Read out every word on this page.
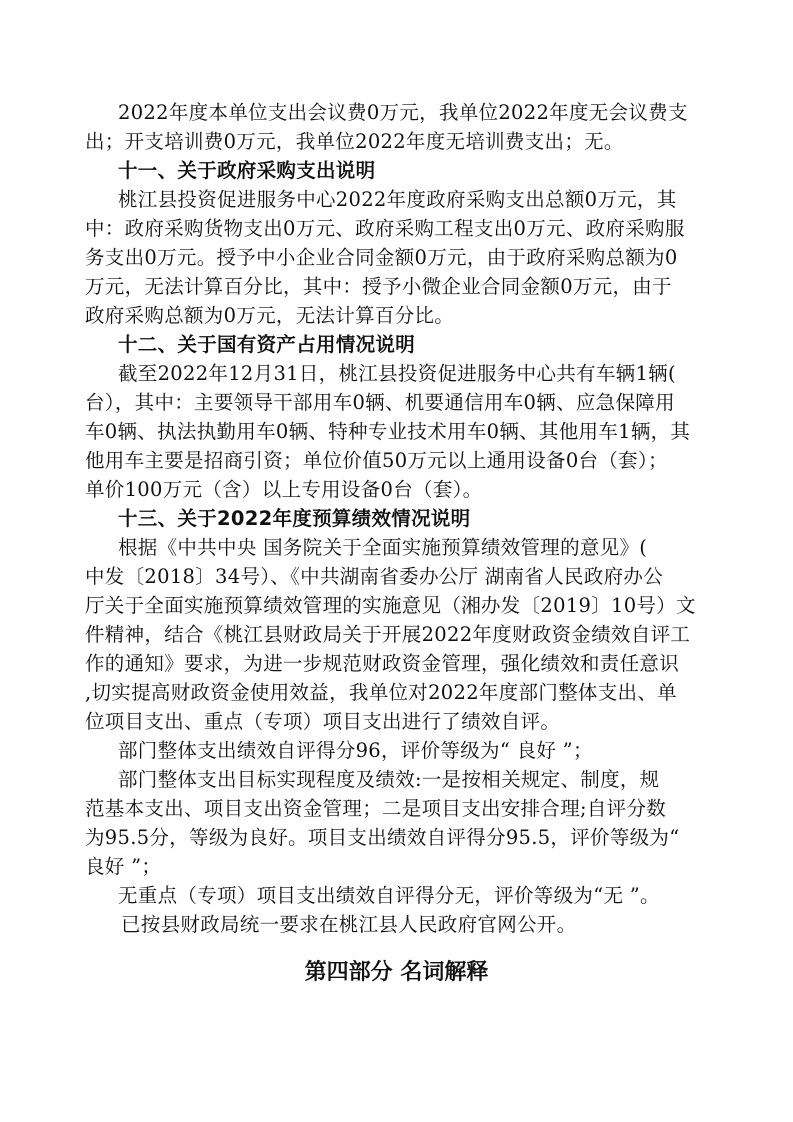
2022年度本单位支出会议费0万元，我单位2022年度无会议费支
出；开支培训费0万元，我单位2022年度无培训费支出；无。
十一、关于政府采购支出说明
桃江县投资促进服务中心2022年度政府采购支出总额0万元，其
中：政府采购货物支出0万元、政府采购工程支出0万元、政府采购服
务支出0万元。授予中小企业合同金额0万元，由于政府采购总额为0
万元，无法计算百分比，其中：授予小微企业合同金额0万元，由于
政府采购总额为0万元，无法计算百分比。
十二、关于国有资产占用情况说明
截至2022年12月31日，桃江县投资促进服务中心共有车辆1辆(
台），其中：主要领导干部用车0辆、机要通信用车0辆、应急保障用
车0辆、执法执勤用车0辆、特种专业技术用车0辆、其他用车1辆，其
他用车主要是招商引资；单位价值50万元以上通用设备0台（套）；
单价100万元（含）以上专用设备0台（套）。
十三、关于2022年度预算绩效情况说明
根据《中共中央 国务院关于全面实施预算绩效管理的意见》(
中发〔2018〕34号）、《中共湖南省委办公厅 湖南省人民政府办公
厅关于全面实施预算绩效管理的实施意见（湘办发〔2019〕10号）文
件精神，结合《桃江县财政局关于开展2022年度财政资金绩效自评工
作的通知》要求，为进一步规范财政资金管理，强化绩效和责任意识
,切实提高财政资金使用效益，我单位对2022年度部门整体支出、单
位项目支出、重点（专项）项目支出进行了绩效自评。
部门整体支出绩效自评得分96，评价等级为“ 良好 ”；
部门整体支出目标实现程度及绩效:一是按相关规定、制度，规
范基本支出、项目支出资金管理；二是项目支出安排合理;自评分数
为95.5分，等级为良好。项目支出绩效自评得分95.5，评价等级为“
良好 ”；
无重点（专项）项目支出绩效自评得分无，评价等级为“无 ”。
已按县财政局统一要求在桃江县人民政府官网公开。
第四部分 名词解释
